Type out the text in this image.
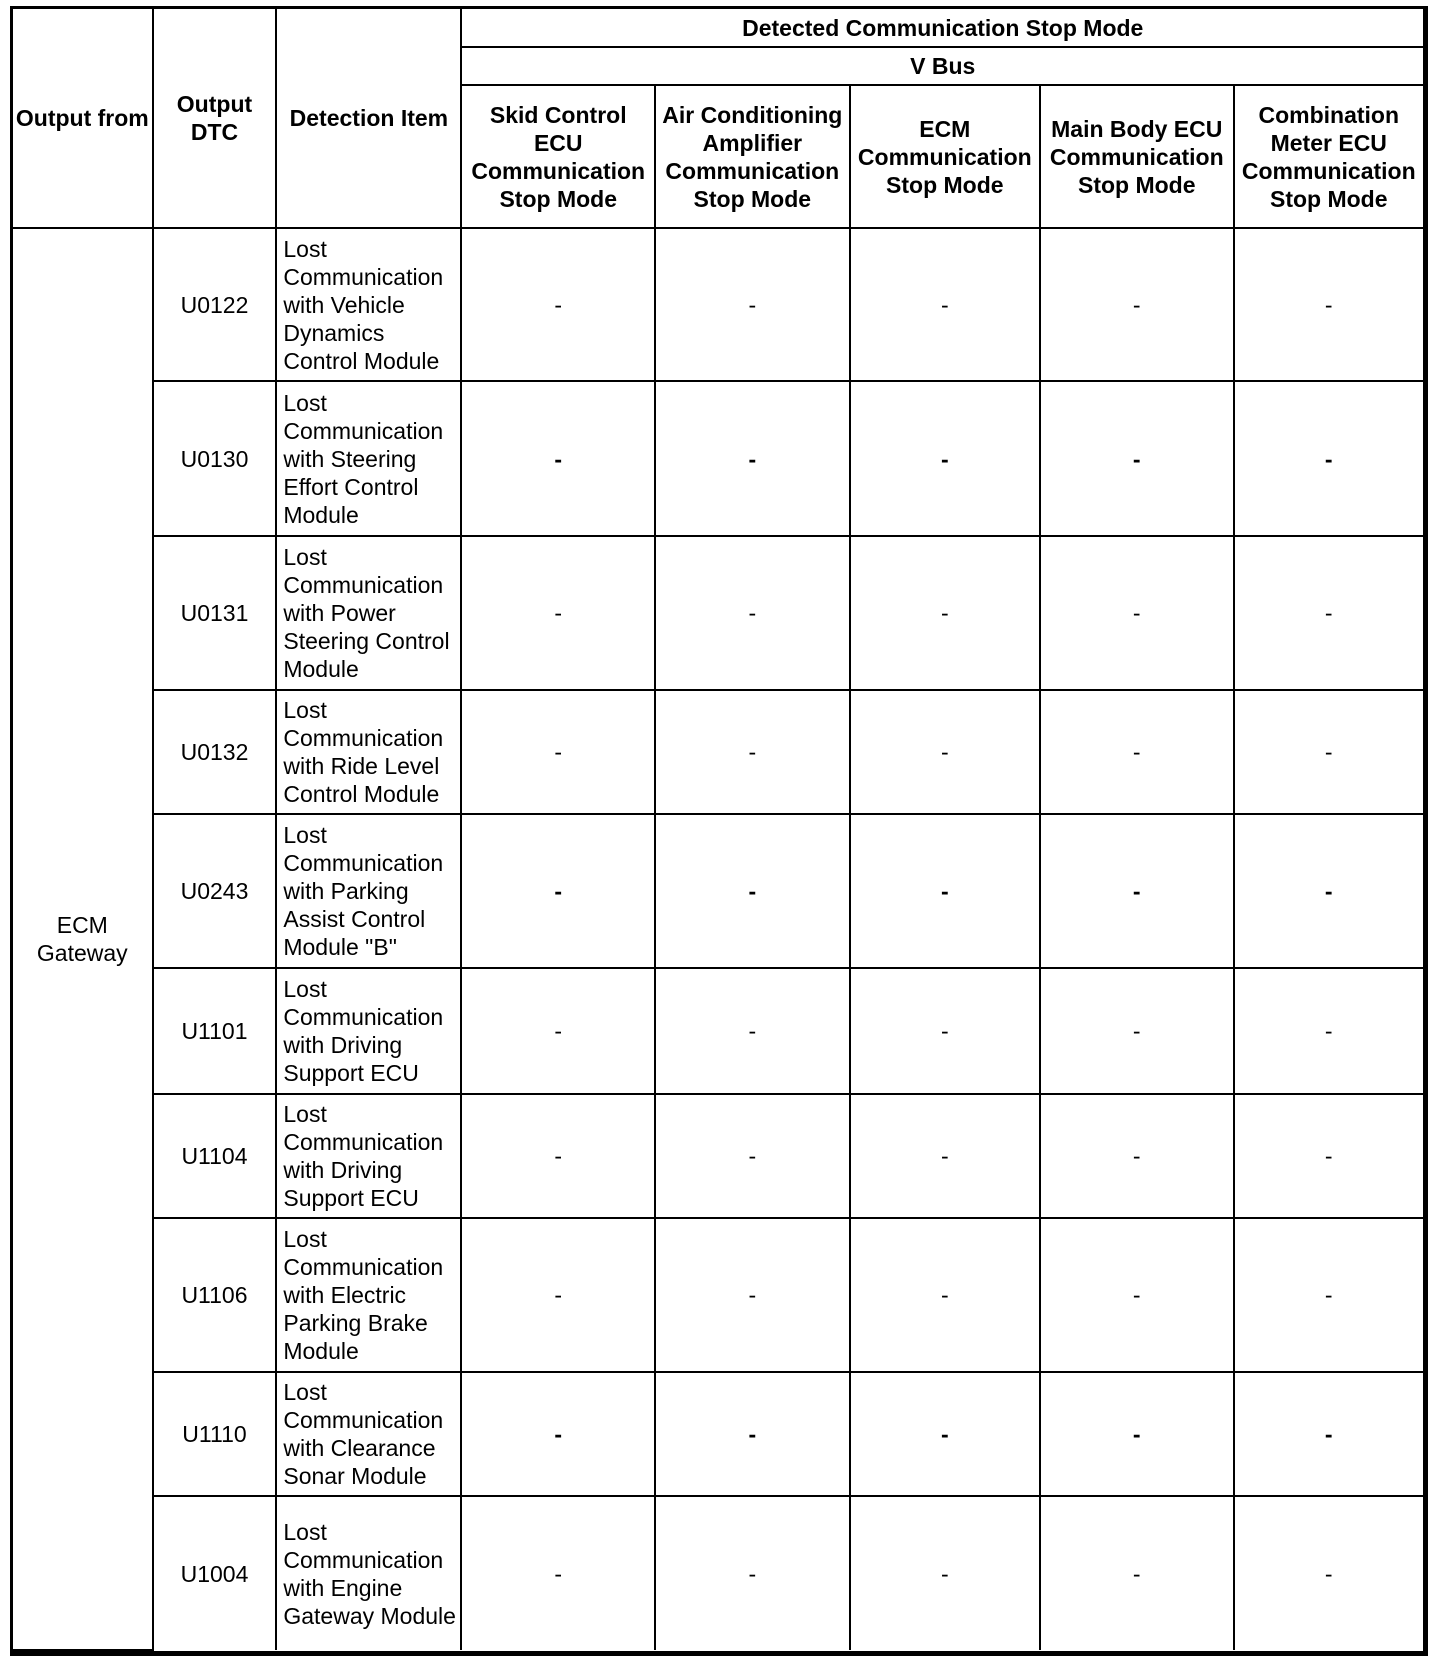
Output from	Output DTC	Detection Item	Detected Communication Stop Mode				
			V Bus				
			Skid Control ECU Communication Stop Mode	Air Conditioning Amplifier Communication Stop Mode	ECM Communication Stop Mode	Main Body ECU Communication Stop Mode	Combination Meter ECU Communication Stop Mode
ECM Gateway	U0122	Lost Communication with Vehicle Dynamics Control Module	-	-	-	-	-
	U0130	Lost Communication with Steering Effort Control Module	-	-	-	-	-
	U0131	Lost Communication with Power Steering Control Module	-	-	-	-	-
	U0132	Lost Communication with Ride Level Control Module	-	-	-	-	-
	U0243	Lost Communication with Parking Assist Control Module "B"	-	-	-	-	-
	U1101	Lost Communication with Driving Support ECU	-	-	-	-	-
	U1104	Lost Communication with Driving Support ECU	-	-	-	-	-
	U1106	Lost Communication with Electric Parking Brake Module	-	-	-	-	-
	U1110	Lost Communication with Clearance Sonar Module	-	-	-	-	-
	U1004	Lost Communication with Engine Gateway Module	-	-	-	-	-
